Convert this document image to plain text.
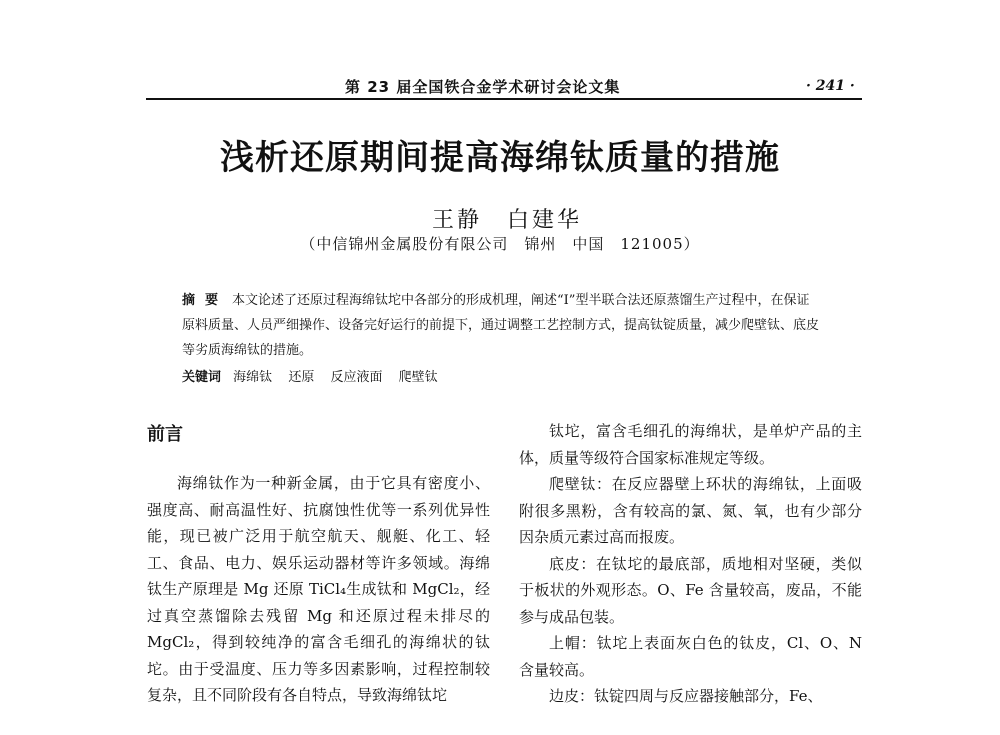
第 23 届全国铁合金学术研讨会论文集	· 241 ·
浅析还原期间提高海绵钛质量的措施
王静　白建华
（中信锦州金属股份有限公司　锦州　中国　121005）
摘要 本文论述了还原过程海绵钛坨中各部分的形成机理，阐述“Ⅰ”型半联合法还原蒸馏生产过程中，在保证原料质量、人员严细操作、设备完好运行的前提下，通过调整工艺控制方式，提高钛锭质量，减少爬壁钛、底皮等劣质海绵钛的措施。
关键词 海绵钛 还原 反应液面 爬壁钛
前言

海绵钛作为一种新金属，由于它具有密度小、强度高、耐高温性好、抗腐蚀性优等一系列优异性能，现已被广泛用于航空航天、舰艇、化工、轻工、食品、电力、娱乐运动器材等许多领域。海绵钛生产原理是 Mg 还原 TiCl₄生成钛和 MgCl₂，经过真空蒸馏除去残留 Mg 和还原过程未排尽的 MgCl₂，得到较纯净的富含毛细孔的海绵状的钛坨。由于受温度、压力等多因素影响，过程控制较复杂，且不同阶段有各自特点，导致海绵钛坨

钛坨，富含毛细孔的海绵状，是单炉产品的主体，质量等级符合国家标准规定等级。

爬壁钛：在反应器壁上环状的海绵钛，上面吸附很多黑粉，含有较高的氯、氮、氧，也有少部分因杂质元素过高而报废。

底皮：在钛坨的最底部，质地相对坚硬，类似于板状的外观形态。O、Fe 含量较高，废品，不能参与成品包装。

上帽：钛坨上表面灰白色的钛皮，Cl、O、N 含量较高。

边皮：钛锭四周与反应器接触部分，Fe、
